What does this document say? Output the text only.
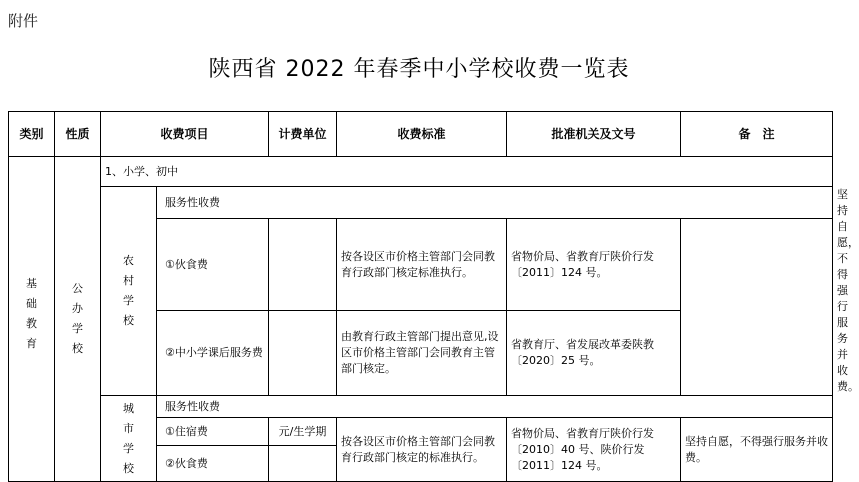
附件
陕西省 2022 年春季中小学校收费一览表
类别	性质	收费项目		计费单位	收费标准	批准机关及文号	备　注	
基础教育	公办学校	1、小学、初中						
		农村学校	服务性收费					坚持自愿，不得强行服务并收费。
			①伙食费		按各设区市价格主管部门会同教育行政部门核定标准执行。	省物价局、省教育厅陕价行发〔2011〕124 号。		
			②中小学课后服务费		由教育行政主管部门提出意见,设区市价格主管部门会同教育主管部门核定。	省教育厅、省发展改革委陕教〔2020〕25 号。		
		城市学校	服务性收费					
			①住宿费	元/生学期	按各设区市价格主管部门会同教育行政部门核定的标准执行。	省物价局、省教育厅陕价行发〔2010〕40 号、陕价行发〔2011〕124 号。	坚持自愿，不得强行服务并收费。	
			②伙食费					
